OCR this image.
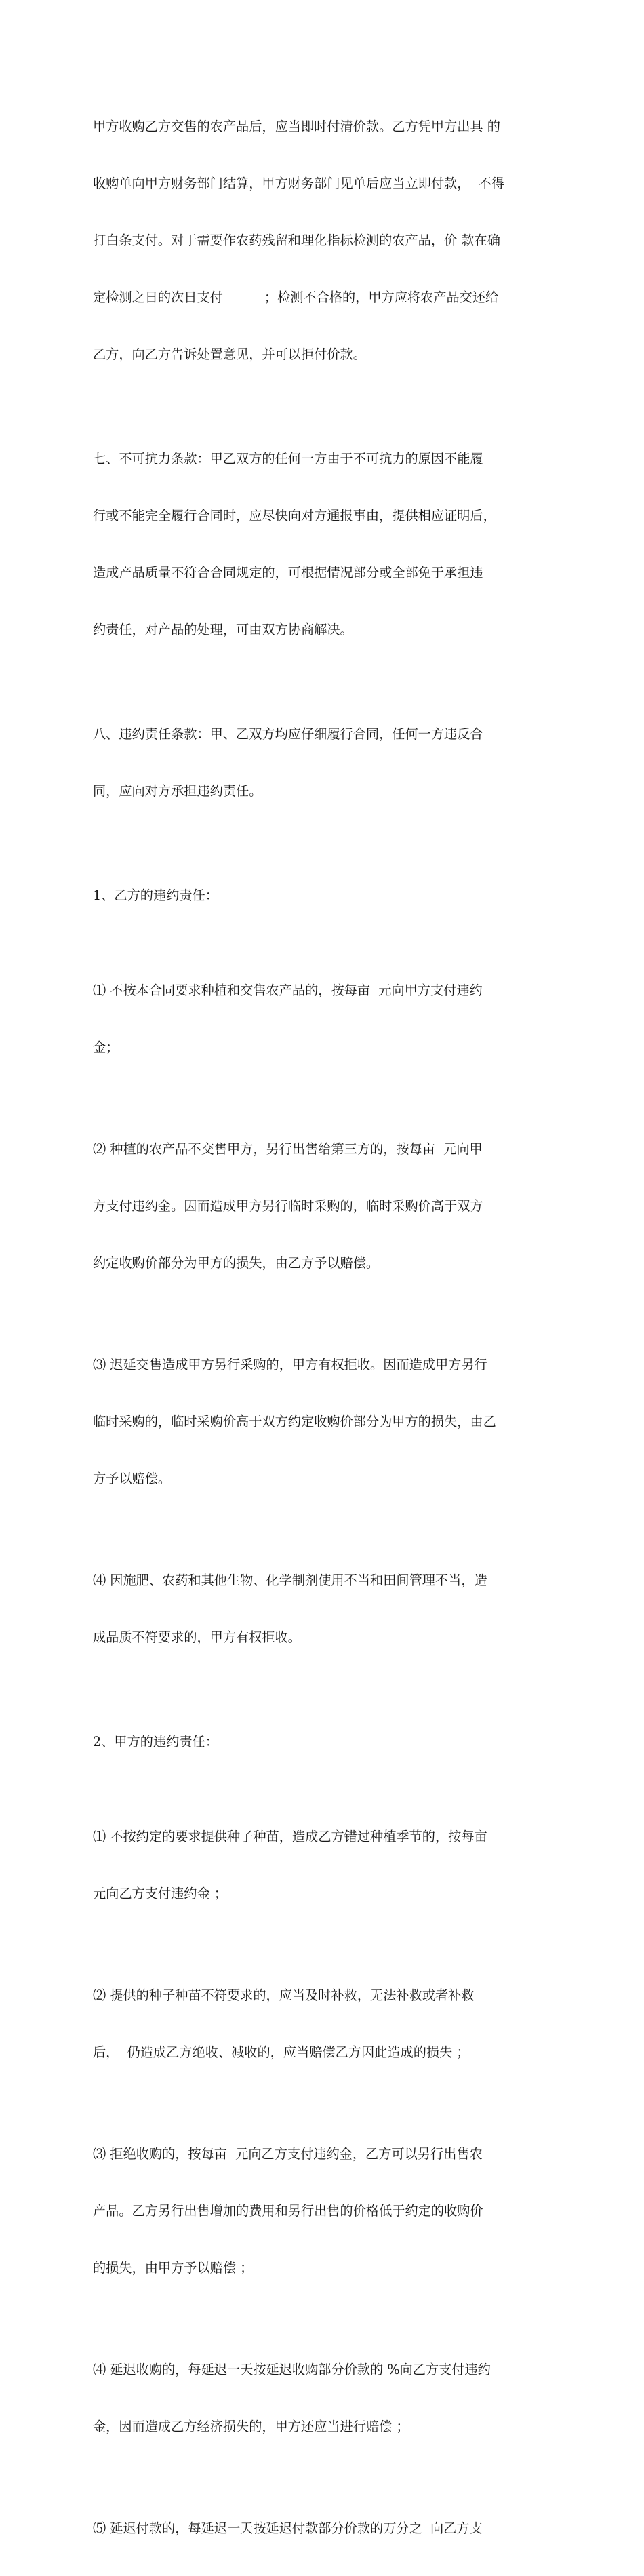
甲方收购乙方交售的农产品后，应当即时付清价款。乙方凭甲方出具 的

收购单向甲方财务部门结算，甲方财务部门见单后应当立即付款，  不得

打白条支付。对于需要作农药残留和理化指标检测的农产品，价 款在确

定检测之日的次日支付          ；检测不合格的，甲方应将农产品交还给

乙方，向乙方告诉处置意见，并可以拒付价款。

七、不可抗力条款：甲乙双方的任何一方由于不可抗力的原因不能履

行或不能完全履行合同时，应尽快向对方通报事由，提供相应证明后，

造成产品质量不符合合同规定的，可根据情况部分或全部免于承担违

约责任，对产品的处理，可由双方协商解决。

八、违约责任条款：甲、乙双方均应仔细履行合同，任何一方违反合

同，应向对方承担违约责任。

1、乙方的违约责任：

⑴ 不按本合同要求种植和交售农产品的，按每亩  元向甲方支付违约

金；

⑵ 种植的农产品不交售甲方，另行出售给第三方的，按每亩  元向甲

方支付违约金。因而造成甲方另行临时采购的，临时采购价高于双方

约定收购价部分为甲方的损失，由乙方予以赔偿。

⑶ 迟延交售造成甲方另行采购的，甲方有权拒收。因而造成甲方另行

临时采购的，临时采购价高于双方约定收购价部分为甲方的损失，由乙

方予以赔偿。

⑷ 因施肥、农药和其他生物、化学制剂使用不当和田间管理不当，造

成品质不符要求的，甲方有权拒收。

2、甲方的违约责任：

⑴ 不按约定的要求提供种子种苗，造成乙方错过种植季节的，按每亩

元向乙方支付违约金 ；

⑵ 提供的种子种苗不符要求的，应当及时补救，无法补救或者补救

后，  仍造成乙方绝收、减收的，应当赔偿乙方因此造成的损失 ；

⑶ 拒绝收购的，按每亩  元向乙方支付违约金，乙方可以另行出售农

产品。乙方另行出售增加的费用和另行出售的价格低于约定的收购价

的损失，由甲方予以赔偿 ；

⑷ 延迟收购的，每延迟一天按延迟收购部分价款的 %向乙方支付违约

金，因而造成乙方经济损失的，甲方还应当进行赔偿 ；

⑸ 延迟付款的，每延迟一天按延迟付款部分价款的万分之  向乙方支
